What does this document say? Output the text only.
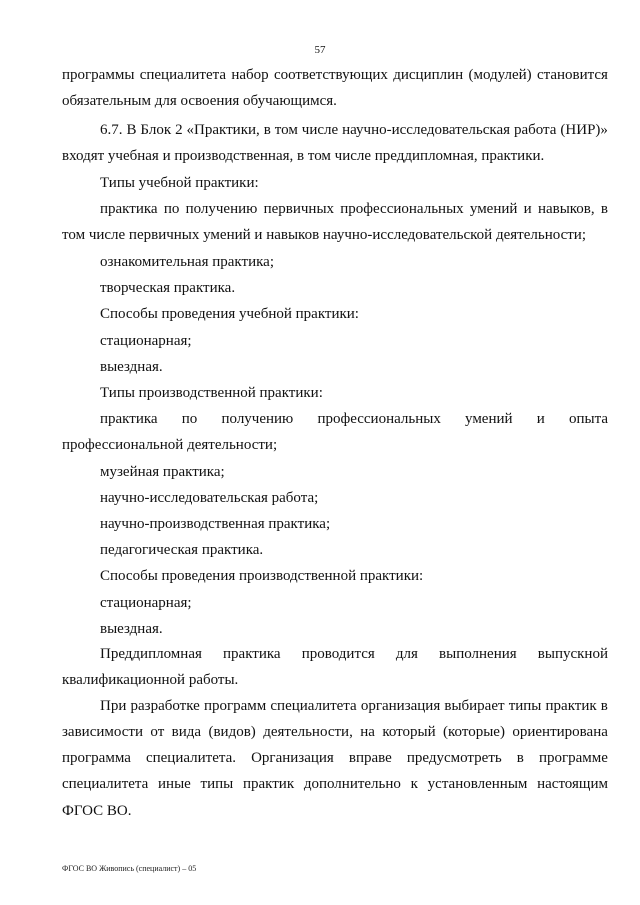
57
программы специалитета набор соответствующих дисциплин (модулей) становится
обязательным для освоения обучающимся.
6.7. В Блок 2 «Практики, в том числе научно-исследовательская работа (НИР)»
входят учебная и производственная, в том числе преддипломная, практики.
Типы учебной практики:
практика по получению первичных профессиональных умений и навыков, в
том числе первичных умений и навыков научно-исследовательской деятельности;
ознакомительная практика;
творческая практика.
Способы проведения учебной практики:
стационарная;
выездная.
Типы производственной практики:
практика по получению профессиональных умений и опыта
профессиональной деятельности;
музейная практика;
научно-исследовательская работа;
научно-производственная практика;
педагогическая практика.
Способы проведения производственной практики:
стационарная;
выездная.
Преддипломная практика проводится для выполнения выпускной
квалификационной работы.
При разработке программ специалитета организация выбирает типы практик в
зависимости от вида (видов) деятельности, на который (которые) ориентирована
программа специалитета. Организация вправе предусмотреть в программе
специалитета иные типы практик дополнительно к установленным настоящим
ФГОС ВО.
ФГОС ВО Живопись (специалист) – 05
